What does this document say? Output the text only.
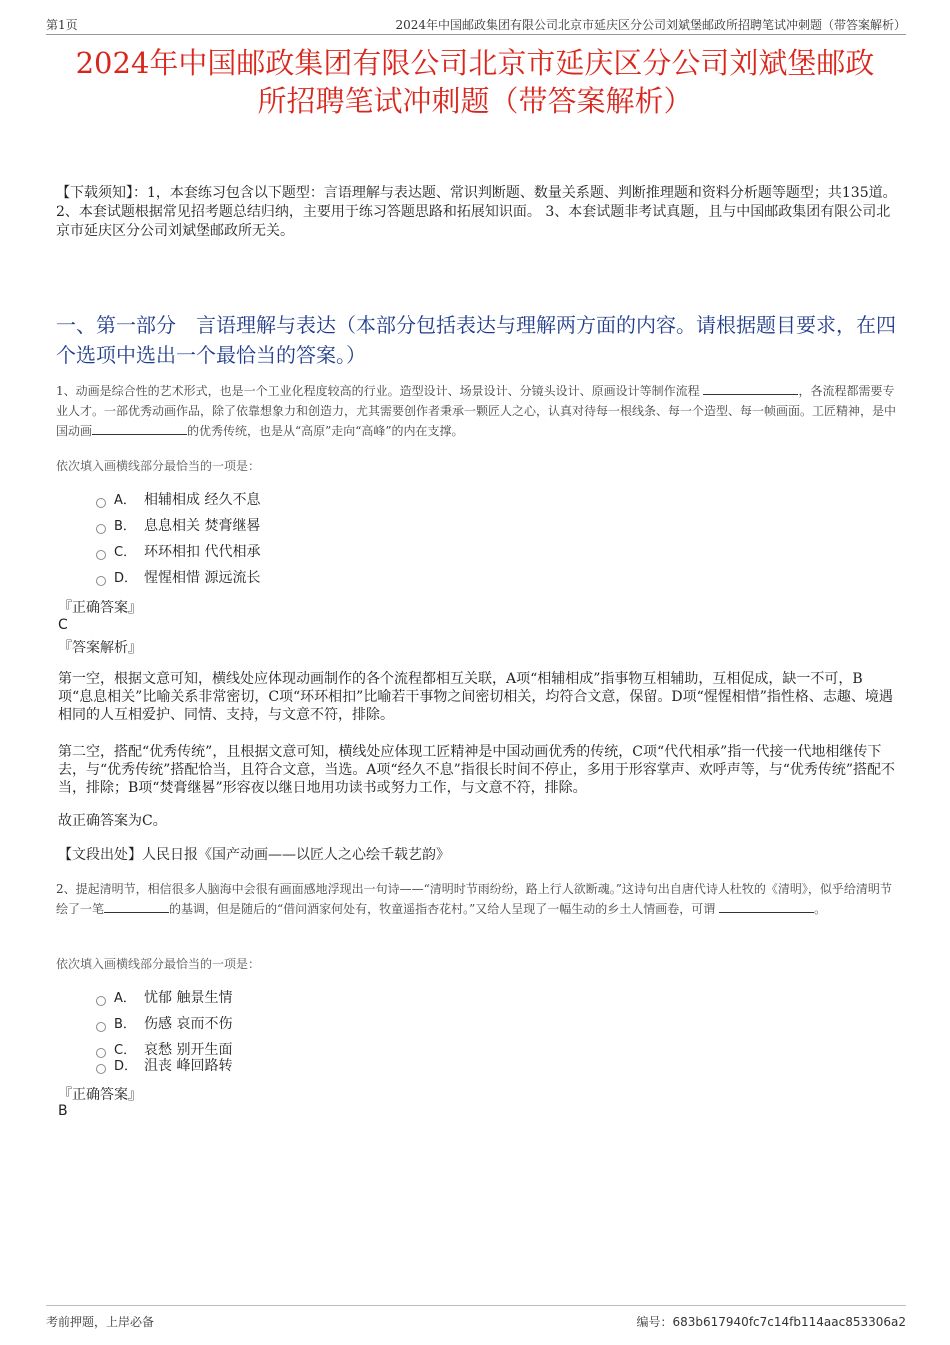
第1页	2024年中国邮政集团有限公司北京市延庆区分公司刘斌堡邮政所招聘笔试冲刺题（带答案解析）
2024年中国邮政集团有限公司北京市延庆区分公司刘斌堡邮政
所招聘笔试冲刺题（带答案解析）
【下载须知】：1，本套练习包含以下题型：言语理解与表达题、常识判断题、数量关系题、判断推理题和资料分析题等题型；共135道。 2、本套试题根据常见招考题总结归纳，主要用于练习答题思路和拓展知识面。 3、本套试题非考试真题，且与中国邮政集团有限公司北京市延庆区分公司刘斌堡邮政所无关。
一、第一部分　言语理解与表达（本部分包括表达与理解两方面的内容。请根据题目要求，在四个选项中选出一个最恰当的答案。）
1、动画是综合性的艺术形式，也是一个工业化程度较高的行业。造型设计、场景设计、分镜头设计、原画设计等制作流程	，各流程都需要专业人才。一部优秀动画作品，除了依靠想象力和创造力，尤其需要创作者秉承一颗匠人之心，认真对待每一根线条、每一个造型、每一帧画面。工匠精神，是中国动画	的优秀传统，也是从“高原”走向“高峰”的内在支撑。
依次填入画横线部分最恰当的一项是：
A． 相辅相成 经久不息
B． 息息相关 焚膏继晷
C． 环环相扣 代代相承
D． 惺惺相惜 源远流长
『正确答案』
C
『答案解析』
第一空，根据文意可知，横线处应体现动画制作的各个流程都相互关联，A项“相辅相成”指事物互相辅助，互相促成，缺一不可，B项“息息相关”比喻关系非常密切，C项“环环相扣”比喻若干事物之间密切相关，均符合文意，保留。D项“惺惺相惜”指性格、志趣、境遇相同的人互相爱护、同情、支持，与文意不符，排除。
第二空，搭配“优秀传统”，且根据文意可知，横线处应体现工匠精神是中国动画优秀的传统，C项“代代相承”指一代接一代地相继传下去，与“优秀传统”搭配恰当，且符合文意，当选。A项“经久不息”指很长时间不停止，多用于形容掌声、欢呼声等，与“优秀传统”搭配不当，排除；B项“焚膏继晷”形容夜以继日地用功读书或努力工作，与文意不符，排除。
故正确答案为C。
【文段出处】人民日报《国产动画——以匠人之心绘千载艺韵》
2、提起清明节，相信很多人脑海中会很有画面感地浮现出一句诗——“清明时节雨纷纷，路上行人欲断魂。”这诗句出自唐代诗人杜牧的《清明》，似乎给清明节绘了一笔	的基调，但是随后的“借问酒家何处有，牧童遥指杏花村。”又给人呈现了一幅生动的乡土人情画卷，可谓	。
依次填入画横线部分最恰当的一项是：
A． 忧郁 触景生情
B． 伤感 哀而不伤
C． 哀愁 别开生面
D． 沮丧 峰回路转
『正确答案』
B
考前押题，上岸必备	编号：683b617940fc7c14fb114aac853306a2
